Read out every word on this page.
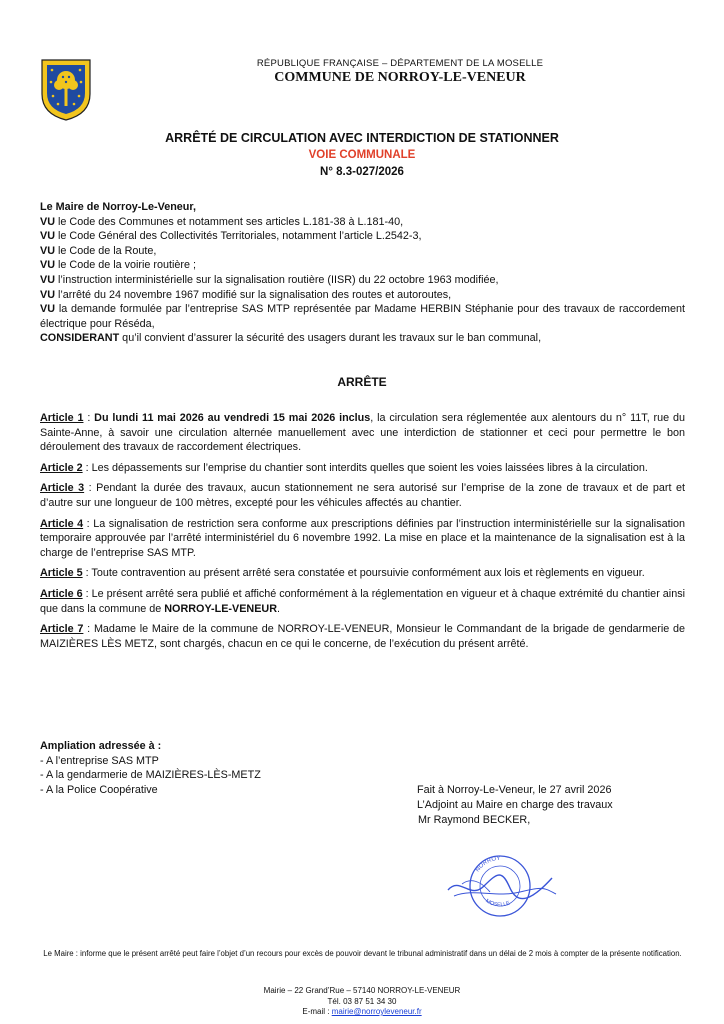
RÉPUBLIQUE FRANÇAISE – DÉPARTEMENT DE LA MOSELLE
COMMUNE DE NORROY-LE-VENEUR
ARRÊTÉ DE CIRCULATION AVEC INTERDICTION DE STATIONNER
VOIE COMMUNALE
N° 8.3-027/2026

Le Maire de Norroy-Le-Veneur,

VU le Code des Communes et notamment ses articles L.181-38 à L.181-40,

VU le Code Général des Collectivités Territoriales, notamment l’article L.2542-3,

VU le Code de la Route,

VU le Code de la voirie routière ;

VU l’instruction interministérielle sur la signalisation routière (IISR) du 22 octobre 1963 modifiée,

VU l’arrêté du 24 novembre 1967 modifié sur la signalisation des routes et autoroutes,

VU la demande formulée par l’entreprise SAS MTP représentée par Madame HERBIN Stéphanie pour des travaux de raccordement électrique pour Réséda,

CONSIDERANT qu’il convient d’assurer la sécurité des usagers durant les travaux sur le ban communal,

ARRÊTE

Article 1 : Du lundi 11 mai 2026 au vendredi 15 mai 2026 inclus, la circulation sera réglementée aux alentours du n° 11T, rue du Sainte-Anne, à savoir une circulation alternée manuellement avec une interdiction de stationner et ceci pour permettre le bon déroulement des travaux de raccordement électriques.

Article 2 : Les dépassements sur l’emprise du chantier sont interdits quelles que soient les voies laissées libres à la circulation.

Article 3 : Pendant la durée des travaux, aucun stationnement ne sera autorisé sur l’emprise de la zone de travaux et de part et d’autre sur une longueur de 100 mètres, excepté pour les véhicules affectés au chantier.

Article 4 : La signalisation de restriction sera conforme aux prescriptions définies par l’instruction interministérielle sur la signalisation temporaire approuvée par l’arrêté interministériel du 6 novembre 1992. La mise en place et la maintenance de la signalisation est à la charge de l’entreprise SAS MTP.

Article 5 : Toute contravention au présent arrêté sera constatée et poursuivie conformément aux lois et règlements en vigueur.

Article 6 : Le présent arrêté sera publié et affiché conformément à la réglementation en vigueur et à chaque extrémité du chantier ainsi que dans la commune de NORROY-LE-VENEUR.

Article 7 : Madame le Maire de la commune de NORROY-LE-VENEUR, Monsieur le Commandant de la brigade de gendarmerie de MAIZIÈRES LÈS METZ, sont chargés, chacun en ce qui le concerne, de l’exécution du présent arrêté.

Ampliation adressée à :

- A l’entreprise SAS MTP

- A la gendarmerie de MAIZIÈRES-LÈS-METZ

- A la Police Coopérative	Fait à Norroy-Le-Veneur, le 27 avril 2026

L’Adjoint au Maire en charge des travaux

Mr Raymond BECKER,

NORROY
MOSELLE
Le Maire : informe que le présent arrêté peut faire l’objet d’un recours pour excès de pouvoir devant le tribunal administratif dans un délai de 2 mois à compter de la présente notification.
Mairie – 22 Grand’Rue – 57140 NORROY-LE-VENEUR
Tél. 03 87 51 34 30
E-mail : mairie@norroyleveneur.fr
